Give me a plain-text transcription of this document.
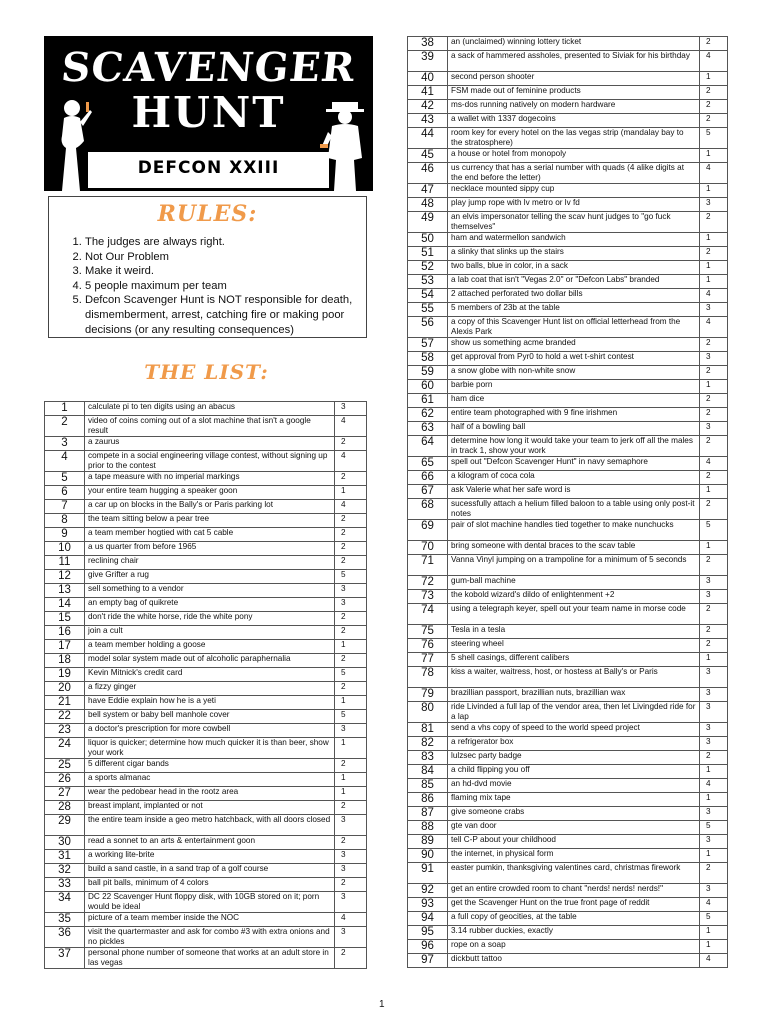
SCAVENGER
HUNT
DEFCON XXIII
RULES:
1. The judges are always right.
2. Not Our Problem
3. Make it weird.
4. 5 people maximum per team
5. Defcon Scavenger Hunt is NOT responsible for death, dismemberment, arrest, catching fire or making poor decisions (or any resulting consequences)
THE LIST:
1	calculate pi to ten digits using an abacus	3
2	video of coins coming out of a slot machine that isn't a google result	4
3	a zaurus	2
4	compete in a social engineering village contest, without signing up prior to the contest	4
5	a tape measure with no imperial markings	2
6	your entire team hugging a speaker goon	1
7	a car up on blocks in the Bally's or Paris parking lot	4
8	the team sitting below a pear tree	2
9	a team member hogtied with cat 5 cable	2
10	a us quarter from before 1965	2
11	reclining chair	2
12	give Grifter a rug	5
13	sell something to a vendor	3
14	an empty bag of quikrete	3
15	don't ride the white horse, ride the white pony	2
16	join a cult	2
17	a team member holding a goose	1
18	model solar system made out of alcoholic paraphernalia	2
19	Kevin Mitnick's credit card	5
20	a fizzy ginger	2
21	have Eddie explain how he is a yeti	1
22	bell system or baby bell manhole cover	5
23	a doctor's prescription for more cowbell	3
24	liquor is quicker; determine how much quicker it is than beer, show your work	1
25	5 different cigar bands	2
26	a sports almanac	1
27	wear the pedobear head in the rootz area	1
28	breast implant, implanted or not	2
29	the entire team inside a geo metro hatchback, with all doors closed	3
30	read a sonnet to an arts & entertainment goon	2
31	a working lite-brite	3
32	build a sand castle, in a sand trap of a golf course	3
33	ball pit balls, minimum of 4 colors	2
34	DC 22 Scavenger Hunt floppy disk, with 10GB stored on it; porn would be ideal	3
35	picture of a team member inside the NOC	4
36	visit the quartermaster and ask for combo #3 with extra onions and no pickles	3
37	personal phone number of someone that works at an adult store in las vegas	2
38	an (unclaimed) winning lottery ticket	2
39	a sack of hammered assholes, presented to Siviak for his birthday	4
40	second person shooter	1
41	FSM made out of feminine products	2
42	ms-dos running natively on modern hardware	2
43	a wallet with 1337 dogecoins	2
44	room key for every hotel on the las vegas strip (mandalay bay to the stratosphere)	5
45	a house or hotel from monopoly	1
46	us currency that has a serial number with quads (4 alike digits at the end before the letter)	4
47	necklace mounted sippy cup	1
48	play jump rope with lv metro or lv fd	3
49	an elvis impersonator telling the scav hunt judges to "go fuck themselves"	2
50	ham and watermellon sandwich	1
51	a slinky that slinks up the stairs	2
52	two balls, blue in color, in a sack	1
53	a lab coat that isn't "Vegas 2.0" or "Defcon Labs" branded	1
54	2 attached perforated two dollar bills	4
55	5 members of 23b at the table	3
56	a copy of this Scavenger Hunt list on official letterhead from the Alexis Park	4
57	show us something acme branded	2
58	get approval from Pyr0 to hold a wet t-shirt contest	3
59	a snow globe with non-white snow	2
60	barbie porn	1
61	ham dice	2
62	entire team photographed with 9 fine irishmen	2
63	half of a bowling ball	3
64	determine how long it would take your team to jerk off all the males in track 1, show your work	2
65	spell out "Defcon Scavenger Hunt" in navy semaphore	4
66	a kilogram of coca cola	2
67	ask Valerie what her safe word is	1
68	sucessfully attach a helium filled baloon to a table using only post-it notes	2
69	pair of slot machine handles tied together to make nunchucks	5
70	bring someone with dental braces to the scav table	1
71	Vanna Vinyl jumping on a trampoline for a minimum of 5 seconds	2
72	gum-ball machine	3
73	the kobold wizard's dildo of enlightenment +2	3
74	using a telegraph keyer, spell out your team name in morse code	2
75	Tesla in a tesla	2
76	steering wheel	2
77	5 shell casings, different calibers	1
78	kiss a waiter, waitress, host, or hostess at Bally's or Paris	3
79	brazillian passport, brazillian nuts, brazillian wax	3
80	ride Livinded a full lap of the vendor area, then let Livingded ride for a lap	3
81	send a vhs copy of speed to the world speed project	3
82	a refrigerator box	3
83	lulzsec party badge	2
84	a child flipping you off	1
85	an hd-dvd movie	4
86	flaming mix tape	1
87	give someone crabs	3
88	gte van door	5
89	tell C-P about your childhood	3
90	the internet, in physical form	1
91	easter pumkin, thanksgiving valentines card, christmas firework	2
92	get an entire crowded room to chant "nerds! nerds! nerds!"	3
93	get the Scavenger Hunt on the true front page of reddit	4
94	a full copy of geocities, at the table	5
95	3.14 rubber duckies, exactly	1
96	rope on a soap	1
97	dickbutt tattoo	4
1
